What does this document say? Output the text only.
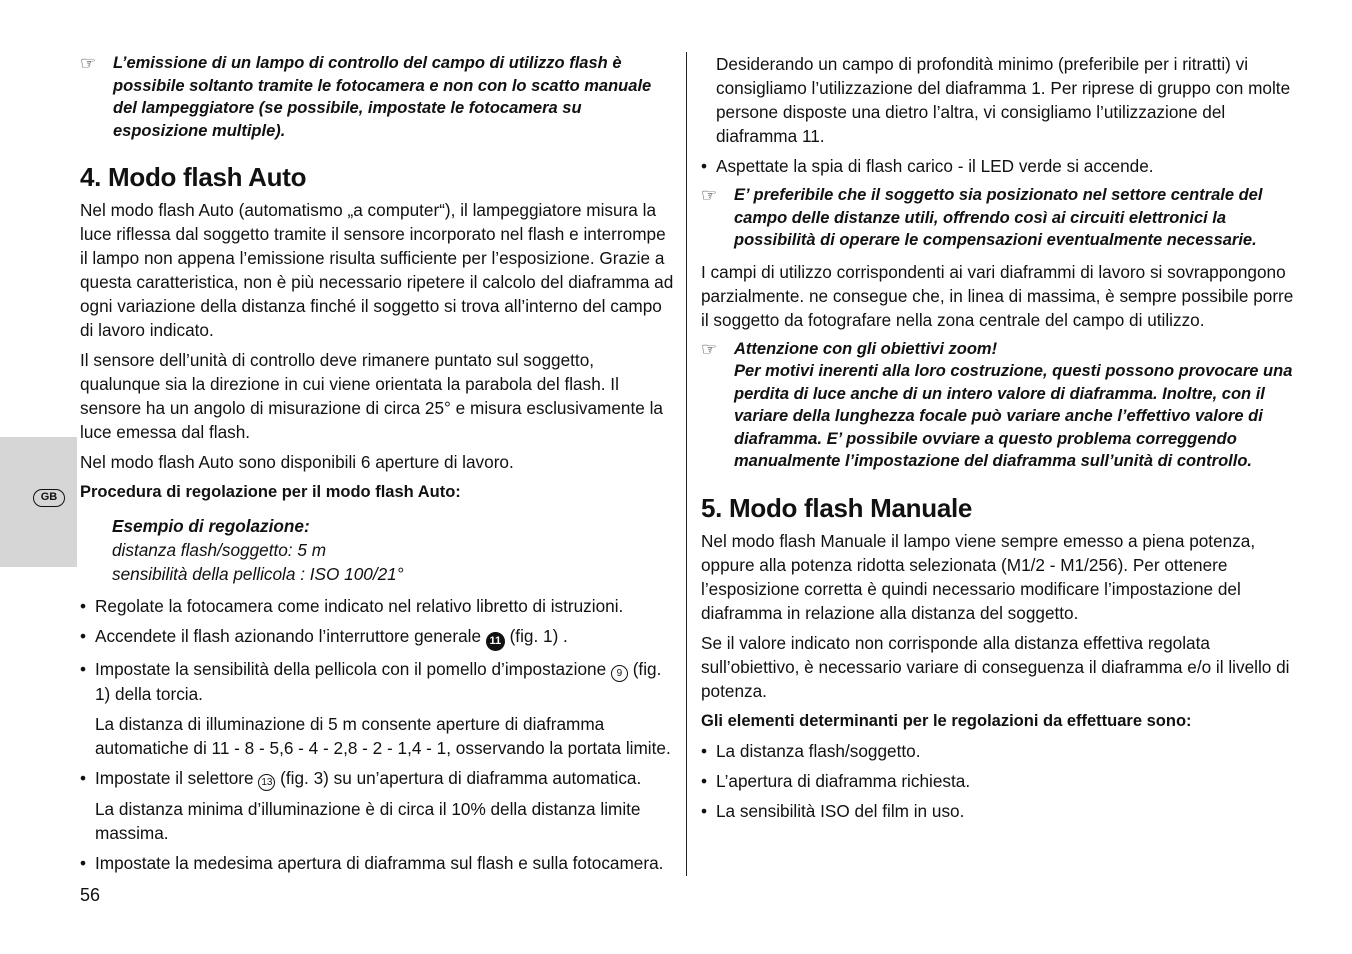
GB
☞ L’emissione di un lampo di controllo del campo di utilizzo flash è possibile soltanto tramite le fotocamera e non con lo scatto manuale del lampeggiatore (se possibile, impostate le fotocamera su esposizione multiple).
4. Modo flash Auto

Nel modo flash Auto (automatismo „a computer“), il lampeggiatore misura la luce riflessa dal soggetto tramite il sensore incorporato nel flash e interrompe il lampo non appena l’emissione risulta sufficiente per l’esposizione. Grazie a questa caratteristica, non è più necessario ripetere il calcolo del diaframma ad ogni variazione della distanza finché il soggetto si trova all’interno del campo di lavoro indicato.

Il sensore dell’unità di controllo deve rimanere puntato sul soggetto, qualunque sia la direzione in cui viene orientata la parabola del flash. Il sensore ha un angolo di misurazione di circa 25° e misura esclusivamente la luce emessa dal flash.

Nel modo flash Auto sono disponibili 6 aperture di lavoro.

Procedura di regolazione per il modo flash Auto:
Esempio di regolazione:
distanza flash/soggetto: 5 m
sensibilità della pellicola : ISO 100/21°
• Regolate la fotocamera come indicato nel relativo libretto di istruzioni.
• Accendete il flash azionando l’interruttore generale 11 (fig. 1) .
• Impostate la sensibilità della pellicola con il pomello d’impostazione 9 (fig. 1) della torcia.
La distanza di illuminazione di 5 m consente aperture di diaframma automatiche di 11 - 8 - 5,6 - 4 - 2,8 - 2 - 1,4 - 1, osservando la portata limite.
• Impostate il selettore 13 (fig. 3) su un’apertura di diaframma automatica.
La distanza minima d’illuminazione è di circa il 10% della distanza limite massima.
• Impostate la medesima apertura di diaframma sul flash e sulla fotocamera.
Desiderando un campo di profondità minimo (preferibile per i ritratti) vi consigliamo l’utilizzazione del diaframma 1. Per riprese di gruppo con molte persone disposte una dietro l’altra, vi consigliamo l’utilizzazione del diaframma 11.
• Aspettate la spia di flash carico - il LED verde si accende.
☞ E’ preferibile che il soggetto sia posizionato nel settore centrale del campo delle distanze utili, offrendo così ai circuiti elettronici la possibilità di operare le compensazioni eventualmente necessarie.

I campi di utilizzo corrispondenti ai vari diaframmi di lavoro si sovrappongono parzialmente. ne consegue che, in linea di massima, è sempre possibile porre il soggetto da fotografare nella zona centrale del campo di utilizzo.

☞ Attenzione con gli obiettivi zoom!
Per motivi inerenti alla loro costruzione, questi possono provocare una perdita di luce anche di un intero valore di diaframma. Inoltre, con il variare della lunghezza focale può variare anche l’effettivo valore di diaframma. E’ possibile ovviare a questo problema correggendo manualmente l’impostazione del diaframma sull’unità di controllo.
5. Modo flash Manuale

Nel modo flash Manuale il lampo viene sempre emesso a piena potenza, oppure alla potenza ridotta selezionata (M1/2 - M1/256). Per ottenere l’esposizione corretta è quindi necessario modificare l’impostazione del diaframma in relazione alla distanza del soggetto.

Se il valore indicato non corrisponde alla distanza effettiva regolata sull’obiettivo, è necessario variare di conseguenza il diaframma e/o il livello di potenza.

Gli elementi determinanti per le regolazioni da effettuare sono:
• La distanza flash/soggetto.
• L’apertura di diaframma richiesta.
• La sensibilità ISO del film in uso.
56
